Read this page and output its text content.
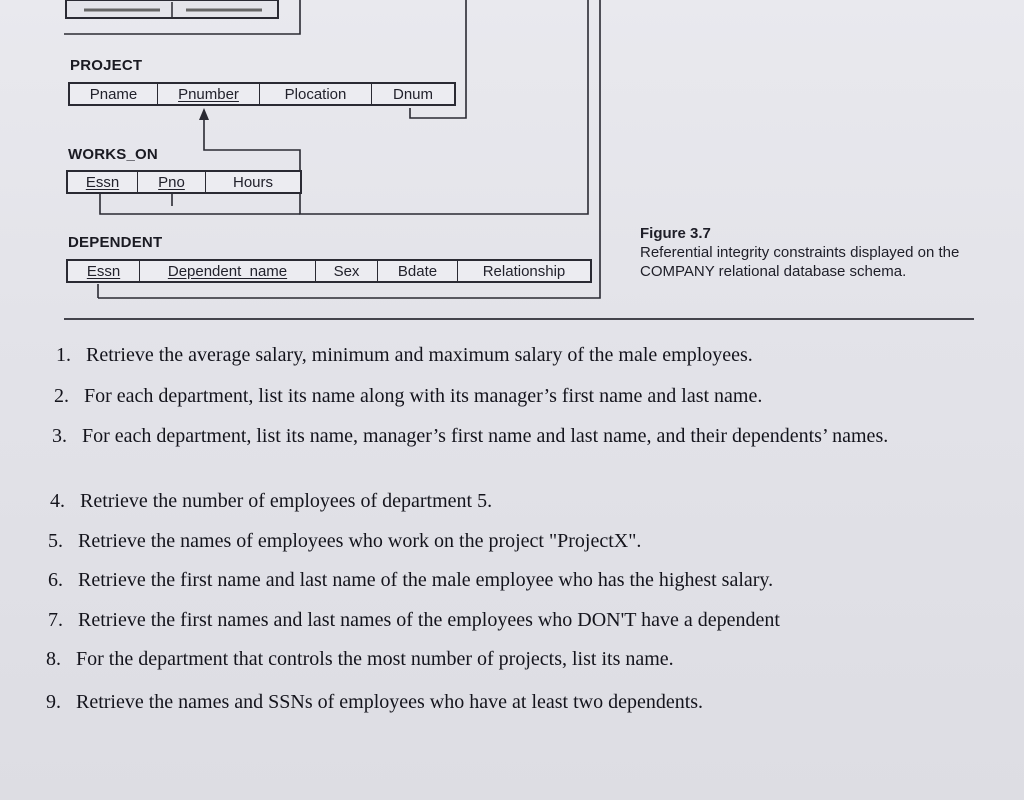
PROJECT
Pname	Pnumber	Plocation	Dnum
WORKS_ON
Essn	Pno	Hours
DEPENDENT
Essn	Dependent_name	Sex	Bdate	Relationship
Figure 3.7
Referential integrity constraints displayed on the COMPANY relational database schema.
1. Retrieve the average salary, minimum and maximum salary of the male employees.
2. For each department, list its name along with its manager’s first name and last name.
3. For each department, list its name, manager’s first name and last name, and their dependents’ names.
4. Retrieve the number of employees of department 5.
5. Retrieve the names of employees who work on the project "ProjectX".
6. Retrieve the first name and last name of the male employee who has the highest salary.
7. Retrieve the first names and last names of the employees who DON'T have a dependent
8. For the department that controls the most number of projects, list its name.
9. Retrieve the names and SSNs of employees who have at least two dependents.
